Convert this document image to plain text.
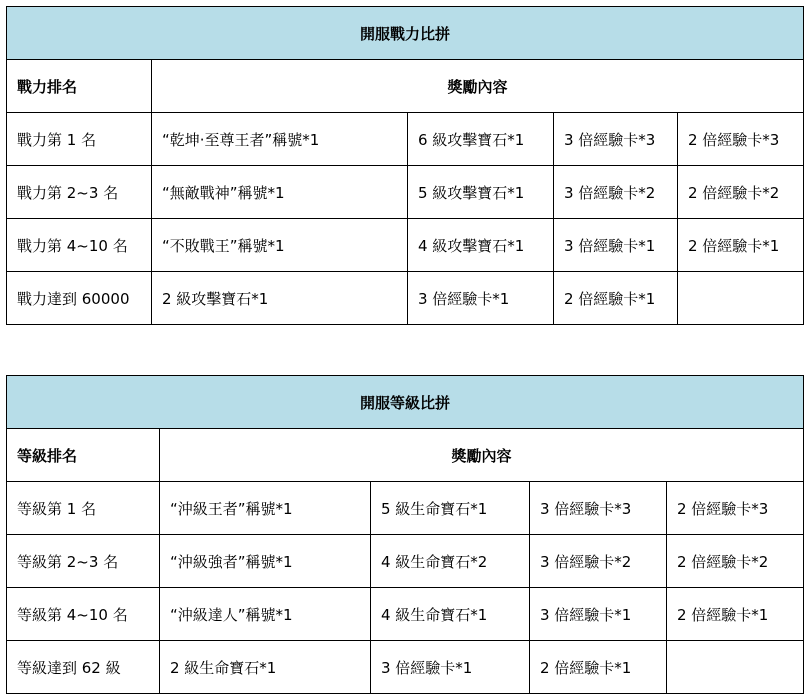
開服戰力比拼				
戰力排名	獎勵內容			
戰力第 1 名	“乾坤·至尊王者”稱號*1	6 級攻擊寶石*1	3 倍經驗卡*3	2 倍經驗卡*3
戰力第 2~3 名	“無敵戰神”稱號*1	5 級攻擊寶石*1	3 倍經驗卡*2	2 倍經驗卡*2
戰力第 4~10 名	“不敗戰王”稱號*1	4 級攻擊寶石*1	3 倍經驗卡*1	2 倍經驗卡*1
戰力達到 60000	2 級攻擊寶石*1	3 倍經驗卡*1	2 倍經驗卡*1	
開服等級比拼				
等級排名	獎勵內容			
等級第 1 名	“沖級王者”稱號*1	5 級生命寶石*1	3 倍經驗卡*3	2 倍經驗卡*3
等級第 2~3 名	“沖級強者”稱號*1	4 級生命寶石*2	3 倍經驗卡*2	2 倍經驗卡*2
等級第 4~10 名	“沖級達人”稱號*1	4 級生命寶石*1	3 倍經驗卡*1	2 倍經驗卡*1
等級達到 62 級	2 級生命寶石*1	3 倍經驗卡*1	2 倍經驗卡*1	
